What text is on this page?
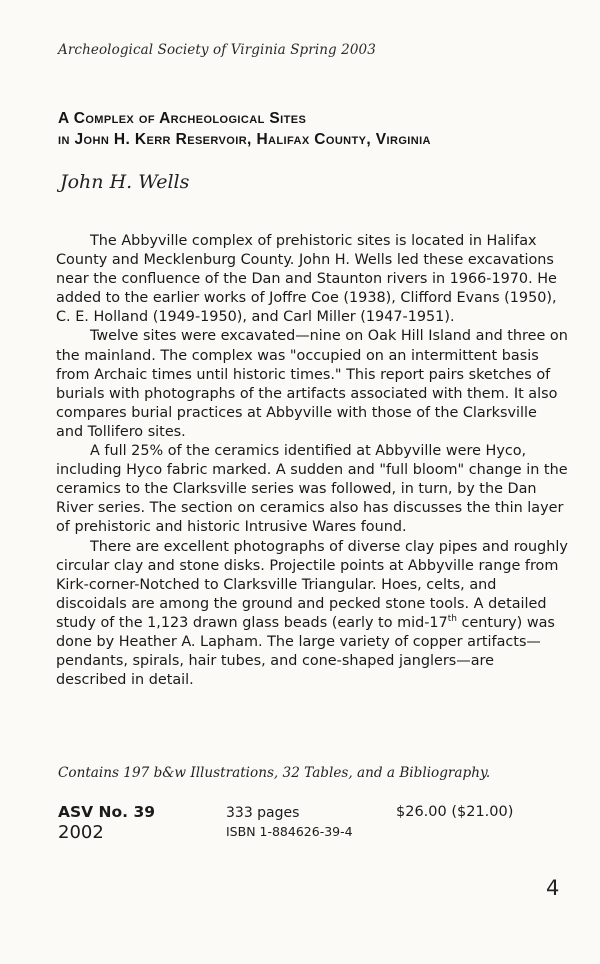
Archeological Society of Virginia Spring 2003
A Complex of Archeological Sites
in John H. Kerr Reservoir, Halifax County, Virginia
John H. Wells

The Abbyville complex of prehistoric sites is located in Halifax County and Mecklenburg County. John H. Wells led these excavations near the confluence of the Dan and Staunton rivers in 1966-1970. He added to the earlier works of Joffre Coe (1938), Clifford Evans (1950), C. E. Holland (1949-1950), and Carl Miller (1947-1951).

Twelve sites were excavated—nine on Oak Hill Island and three on the mainland. The complex was "occupied on an intermittent basis from Archaic times until historic times." This report pairs sketches of burials with photographs of the artifacts associated with them. It also compares burial practices at Abbyville with those of the Clarksville and Tollifero sites.

A full 25% of the ceramics identified at Abbyville were Hyco, including Hyco fabric marked. A sudden and "full bloom" change in the ceramics to the Clarksville series was followed, in turn, by the Dan River series. The section on ceramics also has discusses the thin layer of prehistoric and historic Intrusive Wares found.

There are excellent photographs of diverse clay pipes and roughly circular clay and stone disks. Projectile points at Abbyville range from Kirk-corner-Notched to Clarksville Triangular. Hoes, celts, and discoidals are among the ground and pecked stone tools. A detailed study of the 1,123 drawn glass beads (early to mid-17th century) was done by Heather A. Lapham. The large variety of copper artifacts—pendants, spirals, hair tubes, and cone-shaped janglers—are described in detail.

Contains 197 b&w Illustrations, 32 Tables, and a Bibliography.
ASV No. 39	333 pages	$26.00 ($21.00)
2002	ISBN 1-884626-39-4
4
